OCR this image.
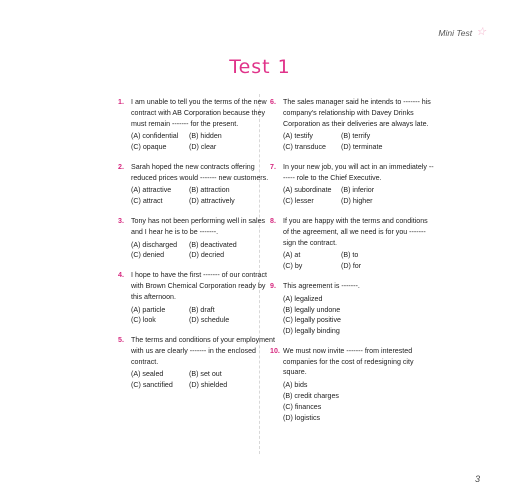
Mini Test ☆
Test 1
1. I am unable to tell you the terms of the new contract with AB Corporation because they must remain ------- for the present.
(A) confidential	(B) hidden
(C) opaque	(D) clear
2. Sarah hoped the new contracts offering reduced prices would ------- new customers.
(A) attractive	(B) attraction
(C) attract	(D) attractively
3. Tony has not been performing well in sales and I hear he is to be -------.
(A) discharged	(B) deactivated
(C) denied	(D) decried
4. I hope to have the first ------- of our contract with Brown Chemical Corporation ready by this afternoon.
(A) particle	(B) draft
(C) look	(D) schedule
5. The terms and conditions of your employment with us are clearly ------- in the enclosed contract.
(A) sealed	(B) set out
(C) sanctified	(D) shielded
6. The sales manager said he intends to ------- his company's relationship with Davey Drinks Corporation as their deliveries are always late.
(A) testify	(B) terrify
(C) transduce	(D) terminate
7. In your new job, you will act in an immediately ------- role to the Chief Executive.
(A) subordinate	(B) inferior
(C) lesser	(D) higher
8. If you are happy with the terms and conditions of the agreement, all we need is for you ------- sign the contract.
(A) at	(B) to
(C) by	(D) for
9. This agreement is -------.
(A) legalized
(B) legally undone
(C) legally positive
(D) legally binding
10. We must now invite ------- from interested companies for the cost of redesigning city square.
(A) bids
(B) credit charges
(C) finances
(D) logistics
3
